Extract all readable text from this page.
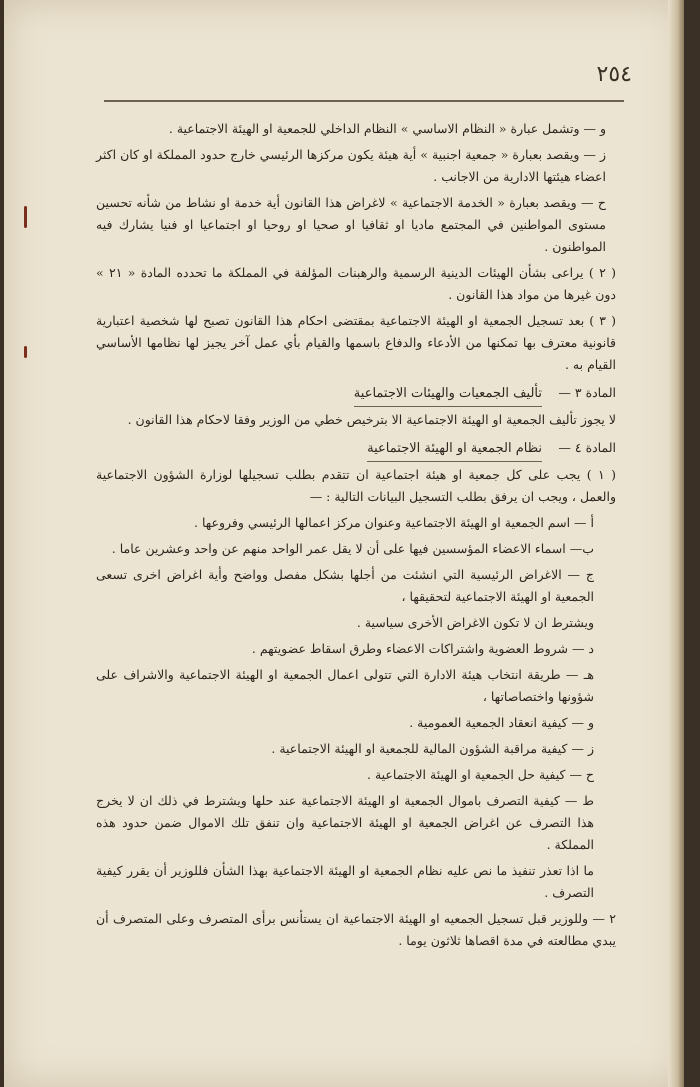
٢٥٤

و — وتشمل عبارة « النظام الاساسي » النظام الداخلي للجمعية او الهيئة الاجتماعية .

ز — ويقصد بعبارة « جمعية اجنبية » أية هيئة يكون مركزها الرئيسي خارج حدود المملكة او كان اكثر اعضاء هيئتها الادارية من الاجانب .

ح — ويقصد بعبارة « الخدمة الاجتماعية » لاغراض هذا القانون أية خدمة او نشاط من شأنه تحسين مستوى المواطنين في المجتمع ماديا او ثقافيا او صحيا او روحيا او اجتماعيا او فنيا يشارك فيه المواطنون .

( ٢ ) يراعى بشأن الهيئات الدينية الرسمية والرهبنات المؤلفة في المملكة ما تحدده المادة « ٢١ » دون غيرها من مواد هذا القانون .

( ٣ ) بعد تسجيل الجمعية او الهيئة الاجتماعية بمقتضى احكام هذا القانون تصبح لها شخصية اعتبارية قانونية معترف بها تمكنها من الأدعاء والدفاع باسمها والقيام بأي عمل آخر يجيز لها نظامها الأساسي القيام به .

المادة ٣ —
تأليف الجمعيات والهيئات الاجتماعية

لا يجوز تأليف الجمعية او الهيئة الاجتماعية الا بترخيص خطي من الوزير وفقا لاحكام هذا القانون .

المادة ٤ —
نظام الجمعية او الهيئة الاجتماعية

( ١ ) يجب على كل جمعية او هيئة اجتماعية ان تتقدم بطلب تسجيلها لوزارة الشؤون الاجتماعية والعمل ، ويجب ان يرفق بطلب التسجيل البيانات التالية : —

أ — اسم الجمعية او الهيئة الاجتماعية وعنوان مركز اعمالها الرئيسي وفروعها .

ب— اسماء الاعضاء المؤسسين فيها على أن لا يقل عمر الواحد منهم عن واحد وعشرين عاما .

ج — الاغراض الرئيسية التي انشئت من أجلها بشكل مفصل وواضح وأية اغراض اخرى تسعى الجمعية او الهيئة الاجتماعية لتحقيقها ،

ويشترط ان لا تكون الاغراض الأخرى سياسية .

د — شروط العضوية واشتراكات الاعضاء وطرق اسقاط عضويتهم .

هـ — طريقة انتخاب هيئة الادارة التي تتولى اعمال الجمعية او الهيئة الاجتماعية والاشراف على شؤونها واختصاصاتها ،

و — كيفية انعقاد الجمعية العمومية .

ز — كيفية مراقبة الشؤون المالية للجمعية او الهيئة الاجتماعية .

ح — كيفية حل الجمعية او الهيئة الاجتماعية .

ط — كيفية التصرف باموال الجمعية او الهيئة الاجتماعية عند حلها ويشترط في ذلك ان لا يخرج هذا التصرف عن اغراض الجمعية او الهيئة الاجتماعية وان تنفق تلك الاموال ضمن حدود هذه المملكة .

ما اذا تعذر تنفيذ ما نص عليه نظام الجمعية او الهيئة الاجتماعية بهذا الشأن فللوزير أن يقرر كيفية التصرف .

٢ — وللوزير قبل تسجيل الجمعيه او الهيئة الاجتماعية ان يستأنس برأى المتصرف وعلى المتصرف أن يبدي مطالعته في مدة اقصاها ثلاثون يوما .
